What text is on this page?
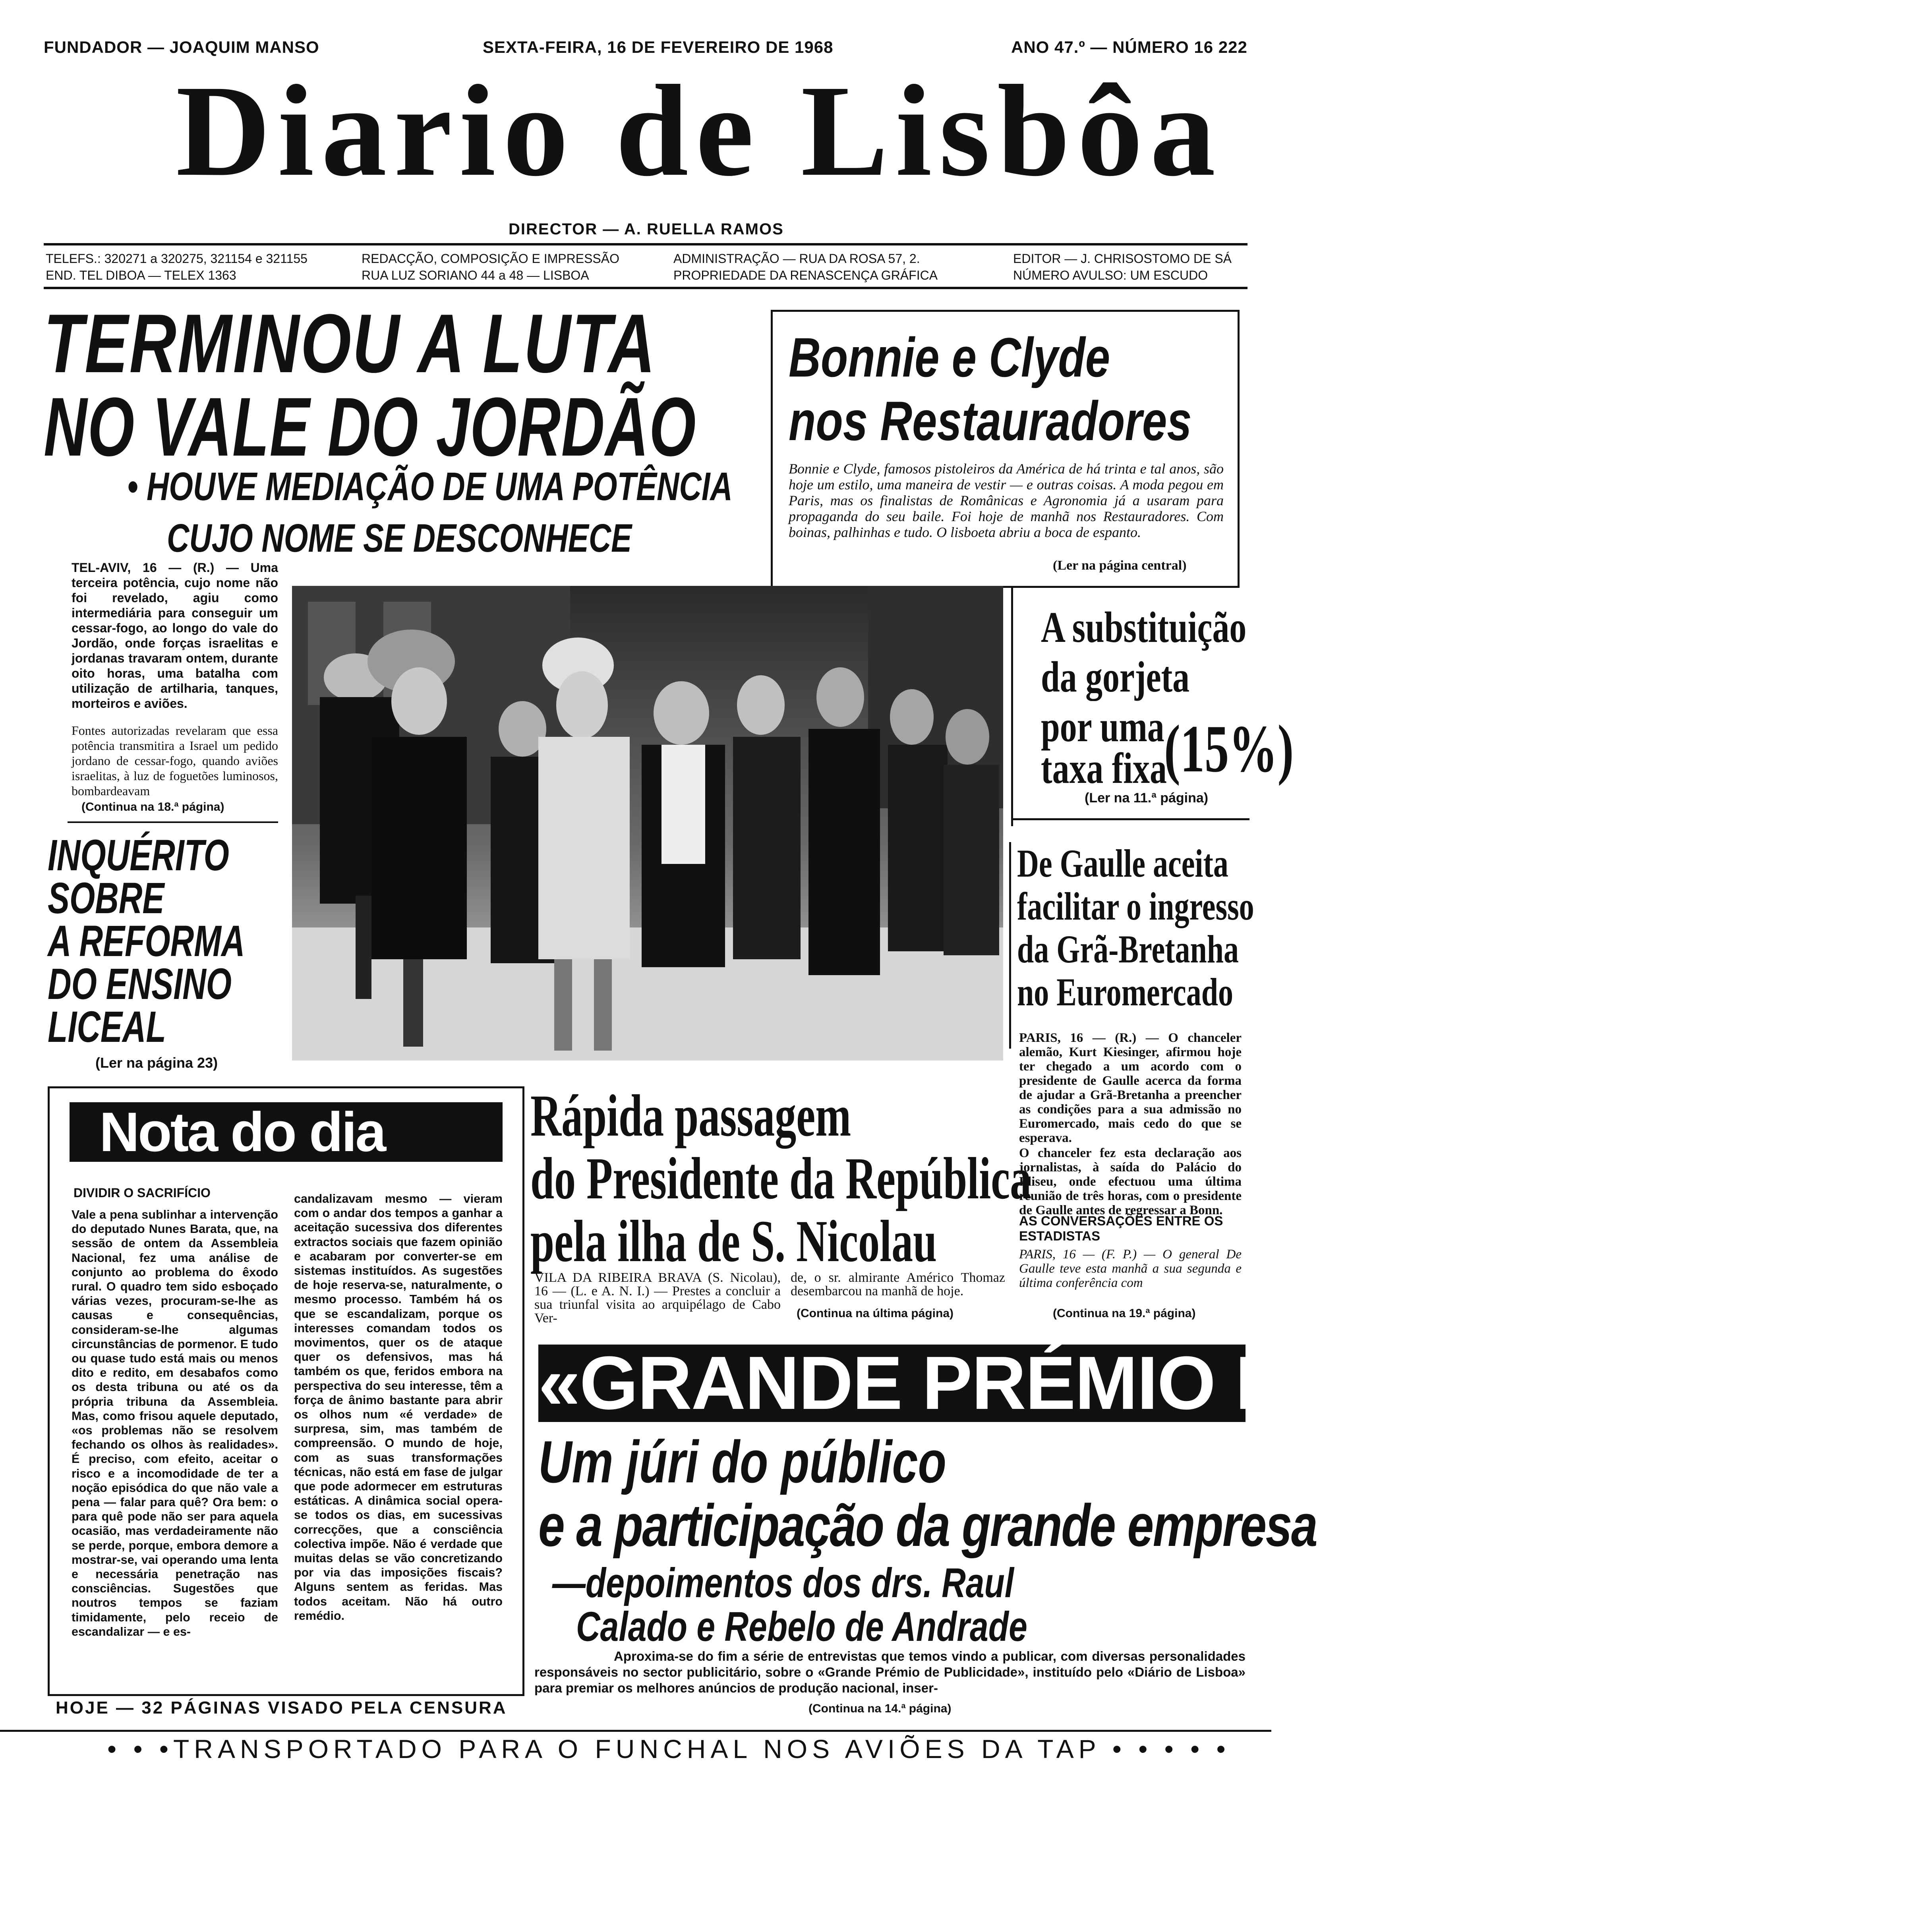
FUNDADOR — JOAQUIM MANSO	SEXTA-FEIRA, 16 DE FEVEREIRO DE 1968	ANO 47.º — NÚMERO 16 222
Diario de Lisbôa
DIRECTOR — A. RUELLA RAMOS
TELEFS.: 320271 a 320275, 321154 e 321155
END. TEL DIBOA — TELEX 1363
REDACÇÃO, COMPOSIÇÃO E IMPRESSÃO
RUA LUZ SORIANO 44 a 48 — LISBOA
ADMINISTRAÇÃO — RUA DA ROSA 57, 2.
PROPRIEDADE DA RENASCENÇA GRÁFICA
EDITOR — J. CHRISOSTOMO DE SÁ
NÚMERO AVULSO: UM ESCUDO
TERMINOU A LUTA
NO VALE DO JORDÃO
• HOUVE MEDIAÇÃO DE UMA POTÊNCIA
CUJO NOME SE DESCONHECE
TEL-AVIV, 16 — (R.) — Uma terceira potência, cujo nome não foi revelado, agiu como intermediária para conseguir um cessar-fogo, ao longo do vale do Jordão, onde forças israelitas e jordanas travaram ontem, durante oito horas, uma batalha com utilização de artilharia, tanques, morteiros e aviões.
Fontes autorizadas revelaram que essa potência transmitira a Israel um pedido jordano de cessar-fogo, quando aviões israelitas, à luz de foguetões luminosos, bombardeavam
(Continua na 18.ª página)
Bonnie e Clyde
nos Restauradores
Bonnie e Clyde, famosos pistoleiros da América de há trinta e tal anos, são hoje um estilo, uma maneira de vestir — e outras coisas. A moda pegou em Paris, mas os finalistas de Românicas e Agronomia já a usaram para propaganda do seu baile. Foi hoje de manhã nos Restauradores. Com boinas, palhinhas e tudo. O lisboeta abriu a boca de espanto.
(Ler na página central)
A substituição
da gorjeta
por uma
taxa fixa
(15%)
(Ler na 11.ª página)
INQUÉRITO
SOBRE
A REFORMA
DO ENSINO
LICEAL
(Ler na página 23)
De Gaulle aceita
facilitar o ingresso
da Grã-Bretanha
no Euromercado
PARIS, 16 — (R.) — O chanceler alemão, Kurt Kiesinger, afirmou hoje ter chegado a um acordo com o presidente de Gaulle acerca da forma de ajudar a Grã-Bretanha a preencher as condições para a sua admissão no Euromercado, mais cedo do que se esperava.
O chanceler fez esta declaração aos jornalistas, à saída do Palácio do Eliseu, onde efectuou uma última reunião de três horas, com o presidente de Gaulle antes de regressar a Bonn.
AS CONVERSAÇÕES ENTRE OS ESTADISTAS
PARIS, 16 — (F. P.) — O general De Gaulle teve esta manhã a sua segunda e última conferência com
(Continua na 19.ª página)
Nota do dia
DIVIDIR O SACRIFÍCIO
Vale a pena sublinhar a intervenção do deputado Nunes Barata, que, na sessão de ontem da Assembleia Nacional, fez uma análise de conjunto ao problema do êxodo rural. O quadro tem sido esboçado várias vezes, procuram-se-lhe as causas e consequências, consideram-se-lhe algumas circunstâncias de pormenor. E tudo ou quase tudo está mais ou menos dito e redito, em desabafos como os desta tribuna ou até os da própria tribuna da Assembleia. Mas, como frisou aquele deputado, «os problemas não se resolvem fechando os olhos às realidades». É preciso, com efeito, aceitar o risco e a incomodidade de ter a noção episódica do que não vale a pena — falar para quê? Ora bem: o para quê pode não ser para aquela ocasião, mas verdadeiramente não se perde, porque, embora demore a mostrar-se, vai operando uma lenta e necessária penetração nas consciências. Sugestões que noutros tempos se faziam timidamente, pelo receio de escandalizar — e es-
candalizavam mesmo — vieram com o andar dos tempos a ganhar a aceitação sucessiva dos diferentes extractos sociais que fazem opinião e acabaram por converter-se em sistemas instituídos. As sugestões de hoje reserva-se, naturalmente, o mesmo processo. Também há os que se escandalizam, porque os interesses comandam todos os movimentos, quer os de ataque quer os defensivos, mas há também os que, feridos embora na perspectiva do seu interesse, têm a força de ânimo bastante para abrir os olhos num «é verdade» de surpresa, sim, mas também de compreensão. O mundo de hoje, com as suas transformações técnicas, não está em fase de julgar que pode adormecer em estruturas estáticas. A dinâmica social opera-se todos os dias, em sucessivas correcções, que a consciência colectiva impõe. Não é verdade que muitas delas se vão concretizando por via das imposições fiscais? Alguns sentem as feridas. Mas todos aceitam. Não há outro remédio.
Rápida passagem
do Presidente da República
pela ilha de S. Nicolau
VILA DA RIBEIRA BRAVA (S. Nicolau), 16 — (L. e A. N. I.) — Prestes a concluir a sua triunfal visita ao arquipélago de Cabo Ver-
de, o sr. almirante Américo Thomaz desembarcou na manhã de hoje.
(Continua na última página)
«GRANDE PRÉMIO DE PUBLICIDADE»
Um júri do público
e a participação da grande empresa
—depoimentos dos drs. Raul
Calado e Rebelo de Andrade
Aproxima-se do fim a série de entrevistas que temos vindo a publicar, com diversas personalidades responsáveis no sector publicitário, sobre o «Grande Prémio de Publicidade», instituído pelo «Diário de Lisboa» para premiar os melhores anúncios de produção nacional, inser-
(Continua na 14.ª página)
HOJE — 32 PÁGINAS VISADO PELA CENSURA
• • •TRANSPORTADO PARA O FUNCHAL NOS AVIÕES DA TAP • • • • •
